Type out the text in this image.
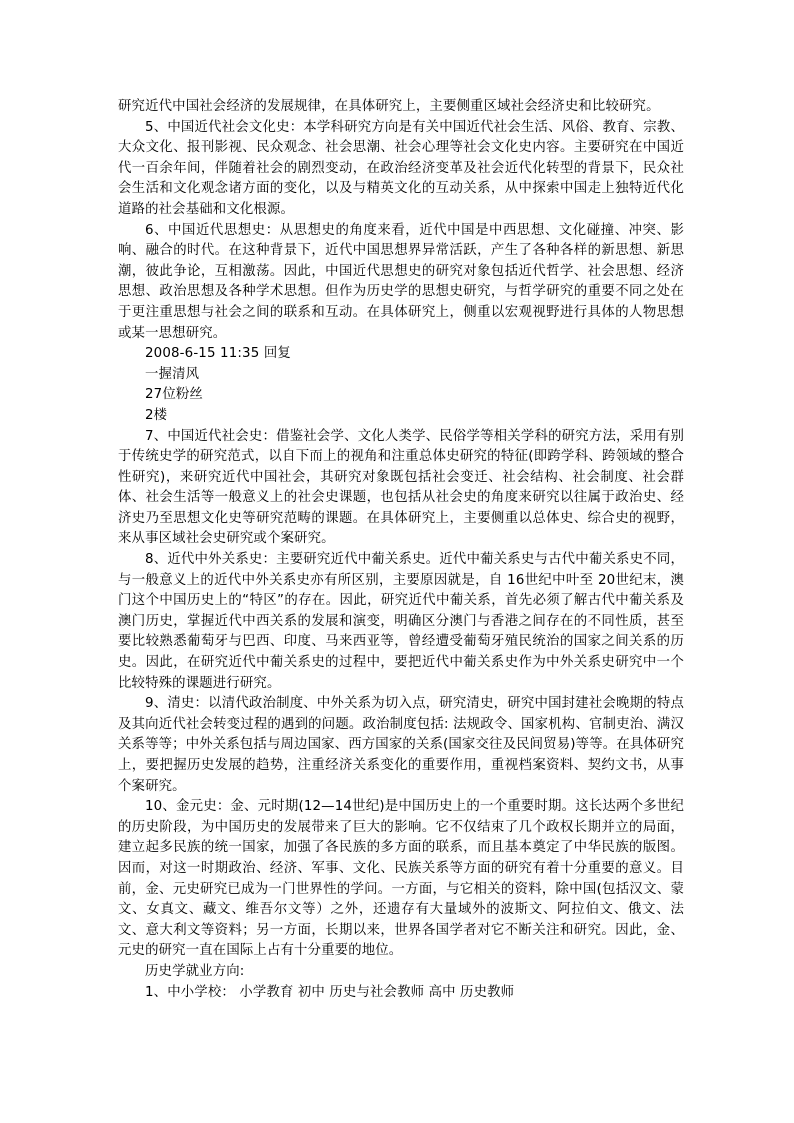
研究近代中国社会经济的发展规律，在具体研究上，主要侧重区域社会经济史和比较研究。

5、中国近代社会文化史：本学科研究方向是有关中国近代社会生活、风俗、教育、宗教、大众文化、报刊影视、民众观念、社会思潮、社会心理等社会文化史内容。主要研究在中国近代一百余年间，伴随着社会的剧烈变动，在政治经济变革及社会近代化转型的背景下，民众社会生活和文化观念诸方面的变化，以及与精英文化的互动关系，从中探索中国走上独特近代化道路的社会基础和文化根源。

6、中国近代思想史：从思想史的角度来看，近代中国是中西思想、文化碰撞、冲突、影响、融合的时代。在这种背景下，近代中国思想界异常活跃，产生了各种各样的新思想、新思潮，彼此争论，互相激荡。因此，中国近代思想史的研究对象包括近代哲学、社会思想、经济思想、政治思想及各种学术思想。但作为历史学的思想史研究，与哲学研究的重要不同之处在于更注重思想与社会之间的联系和互动。在具体研究上，侧重以宏观视野进行具体的人物思想或某一思想研究。

2008-6-15 11:35 回复
一握清风
27位粉丝
2楼

7、中国近代社会史：借鉴社会学、文化人类学、民俗学等相关学科的研究方法，采用有别于传统史学的研究范式，以自下而上的视角和注重总体史研究的特征(即跨学科、跨领域的整合性研究)，来研究近代中国社会，其研究对象既包括社会变迁、社会结构、社会制度、社会群体、社会生活等一般意义上的社会史课题，也包括从社会史的角度来研究以往属于政治史、经济史乃至思想文化史等研究范畴的课题。在具体研究上，主要侧重以总体史、综合史的视野，来从事区域社会史研究或个案研究。

8、近代中外关系史：主要研究近代中葡关系史。近代中葡关系史与古代中葡关系史不同，与一般意义上的近代中外关系史亦有所区别，主要原因就是，自 16世纪中叶至 20世纪末，澳门这个中国历史上的“特区”的存在。因此，研究近代中葡关系，首先必须了解古代中葡关系及澳门历史，掌握近代中西关系的发展和演变，明确区分澳门与香港之间存在的不同性质，甚至要比较熟悉葡萄牙与巴西、印度、马来西亚等，曾经遭受葡萄牙殖民统治的国家之间关系的历史。因此，在研究近代中葡关系史的过程中，要把近代中葡关系史作为中外关系史研究中一个比较特殊的课题进行研究。

9、清史：以清代政治制度、中外关系为切入点，研究清史，研究中国封建社会晚期的特点及其向近代社会转变过程的遇到的问题。政治制度包括: 法规政令、国家机构、官制吏治、满汉关系等等；中外关系包括与周边国家、西方国家的关系(国家交往及民间贸易)等等。在具体研究上，要把握历史发展的趋势，注重经济关系变化的重要作用，重视档案资料、契约文书，从事个案研究。

10、金元史：金、元时期(12—14世纪)是中国历史上的一个重要时期。这长达两个多世纪的历史阶段，为中国历史的发展带来了巨大的影响。它不仅结束了几个政权长期并立的局面，建立起多民族的统一国家，加强了各民族的多方面的联系，而且基本奠定了中华民族的版图。因而，对这一时期政治、经济、军事、文化、民族关系等方面的研究有着十分重要的意义。目前，金、元史研究已成为一门世界性的学问。一方面，与它相关的资料，除中国(包括汉文、蒙文、女真文、藏文、维吾尔文等）之外，还遗存有大量域外的波斯文、阿拉伯文、俄文、法文、意大利文等资料；另一方面，长期以来，世界各国学者对它不断关注和研究。因此，金、元史的研究一直在国际上占有十分重要的地位。

历史学就业方向:
1、中小学校： 小学教育 初中 历史与社会教师 高中 历史教师
